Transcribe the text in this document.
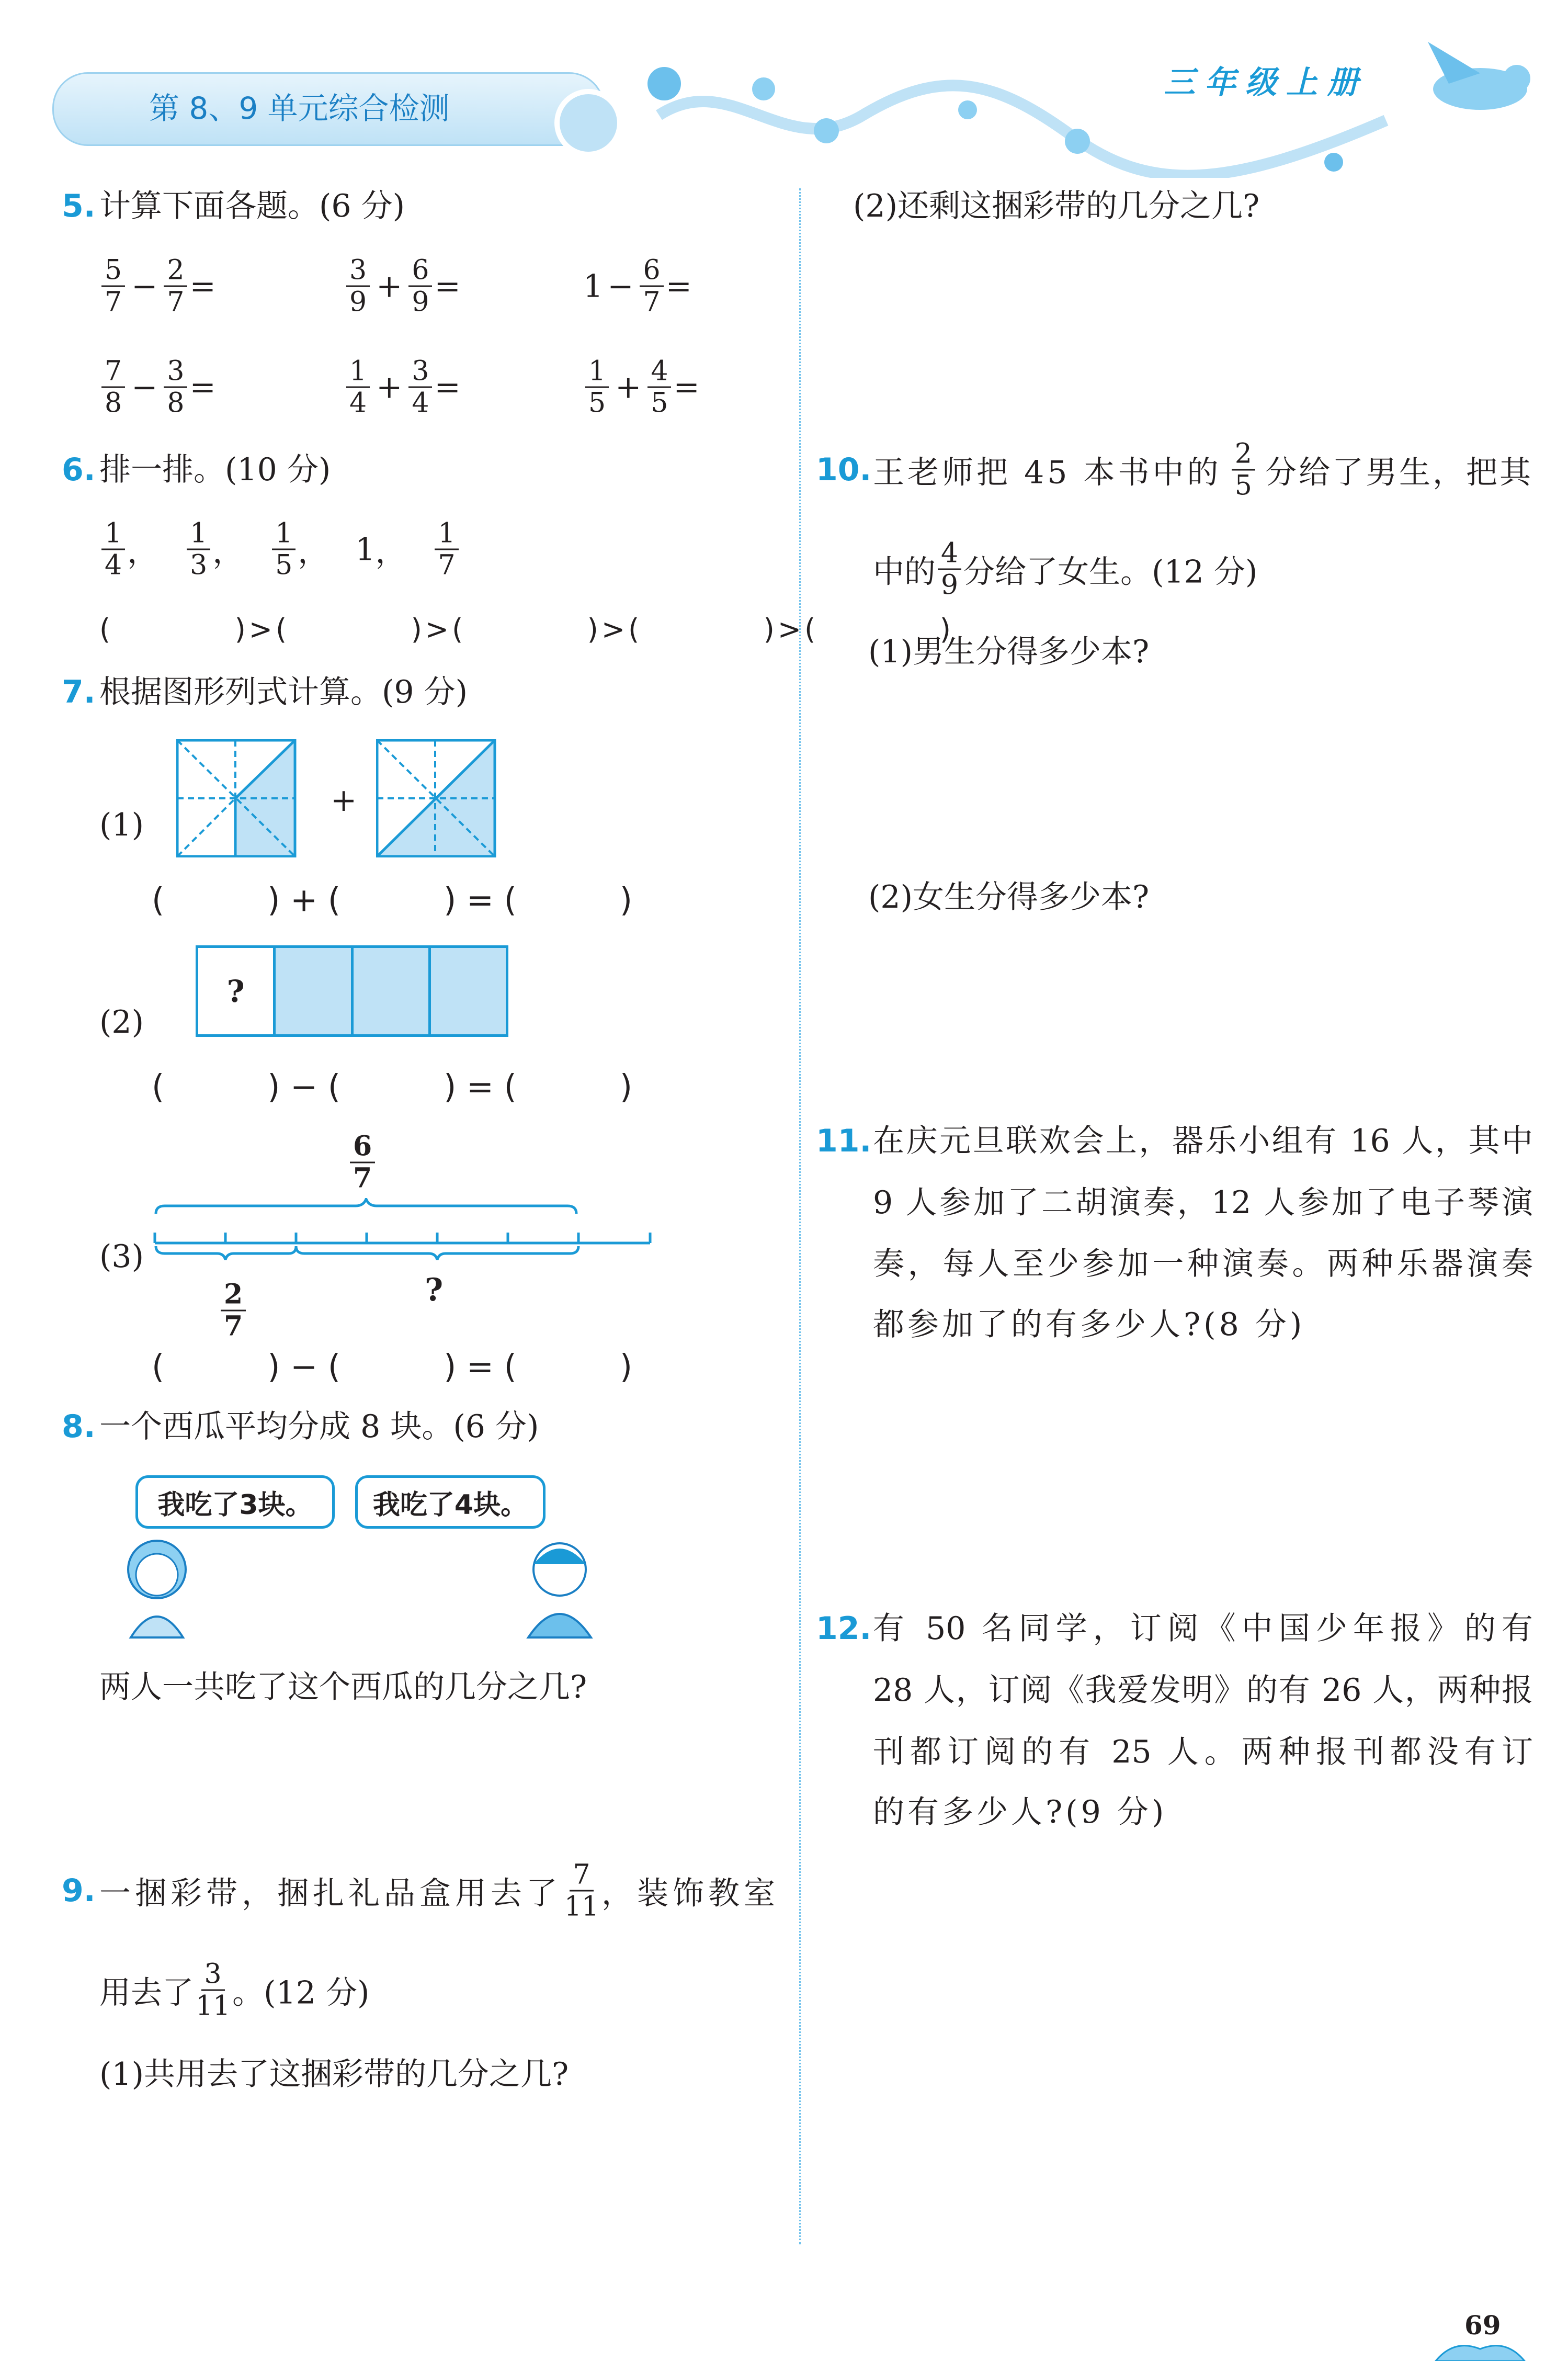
第 8、9 单元综合检测
三年级上册
5. 计算下面各题。(6 分)
$\frac{5}{7} - \frac{2}{7}$ =	$\frac{3}{9} + \frac{6}{9}$ =	$1 - \frac{6}{7}$ =
$\frac{7}{8} - \frac{3}{8}$ =	$\frac{1}{4} + \frac{3}{4}$ =	$\frac{1}{5} + \frac{4}{5}$ =
6. 排一排。(10 分)
$\frac{1}{4}$ ， $\frac{1}{3}$ ， $\frac{1}{5}$ ， 1 ， $\frac{1}{7}$
(          )>(          )>(          )>(          )>(          )
7. 根据图形列式计算。(9 分)
(1)
+
(          ) + (          ) = (          )
(2)
?
(          ) − (          ) = (          )
$\frac{6}{7}$
(3)
$\frac{2}{7}$	?
(          ) − (          ) = (          )
8. 一个西瓜平均分成 8 块。(6 分)
我吃了3块。	我吃了4块。
两人一共吃了这个西瓜的几分之几?
9. 一捆彩带，捆扎礼品盒用去了 $\frac{7}{11}$ ，装饰教室
用去了 $\frac{3}{11}$ 。(12 分)
(1)共用去了这捆彩带的几分之几?
(2)还剩这捆彩带的几分之几?
10. 王老师把 45 本书中的 $\frac{2}{5}$ 分给了男生，把其
中的 $\frac{4}{9}$ 分给了女生。(12 分)
(1)男生分得多少本?
(2)女生分得多少本?
11. 在庆元旦联欢会上，器乐小组有 16 人，其中
9 人参加了二胡演奏，12 人参加了电子琴演
奏，每人至少参加一种演奏。两种乐器演奏
都参加了的有多少人?(8 分)
12. 有 50 名同学，订阅《中国少年报》的有
28 人，订阅《我爱发明》的有 26 人，两种报
刊都订阅的有 25 人。两种报刊都没有订
的有多少人?(9 分)
69
